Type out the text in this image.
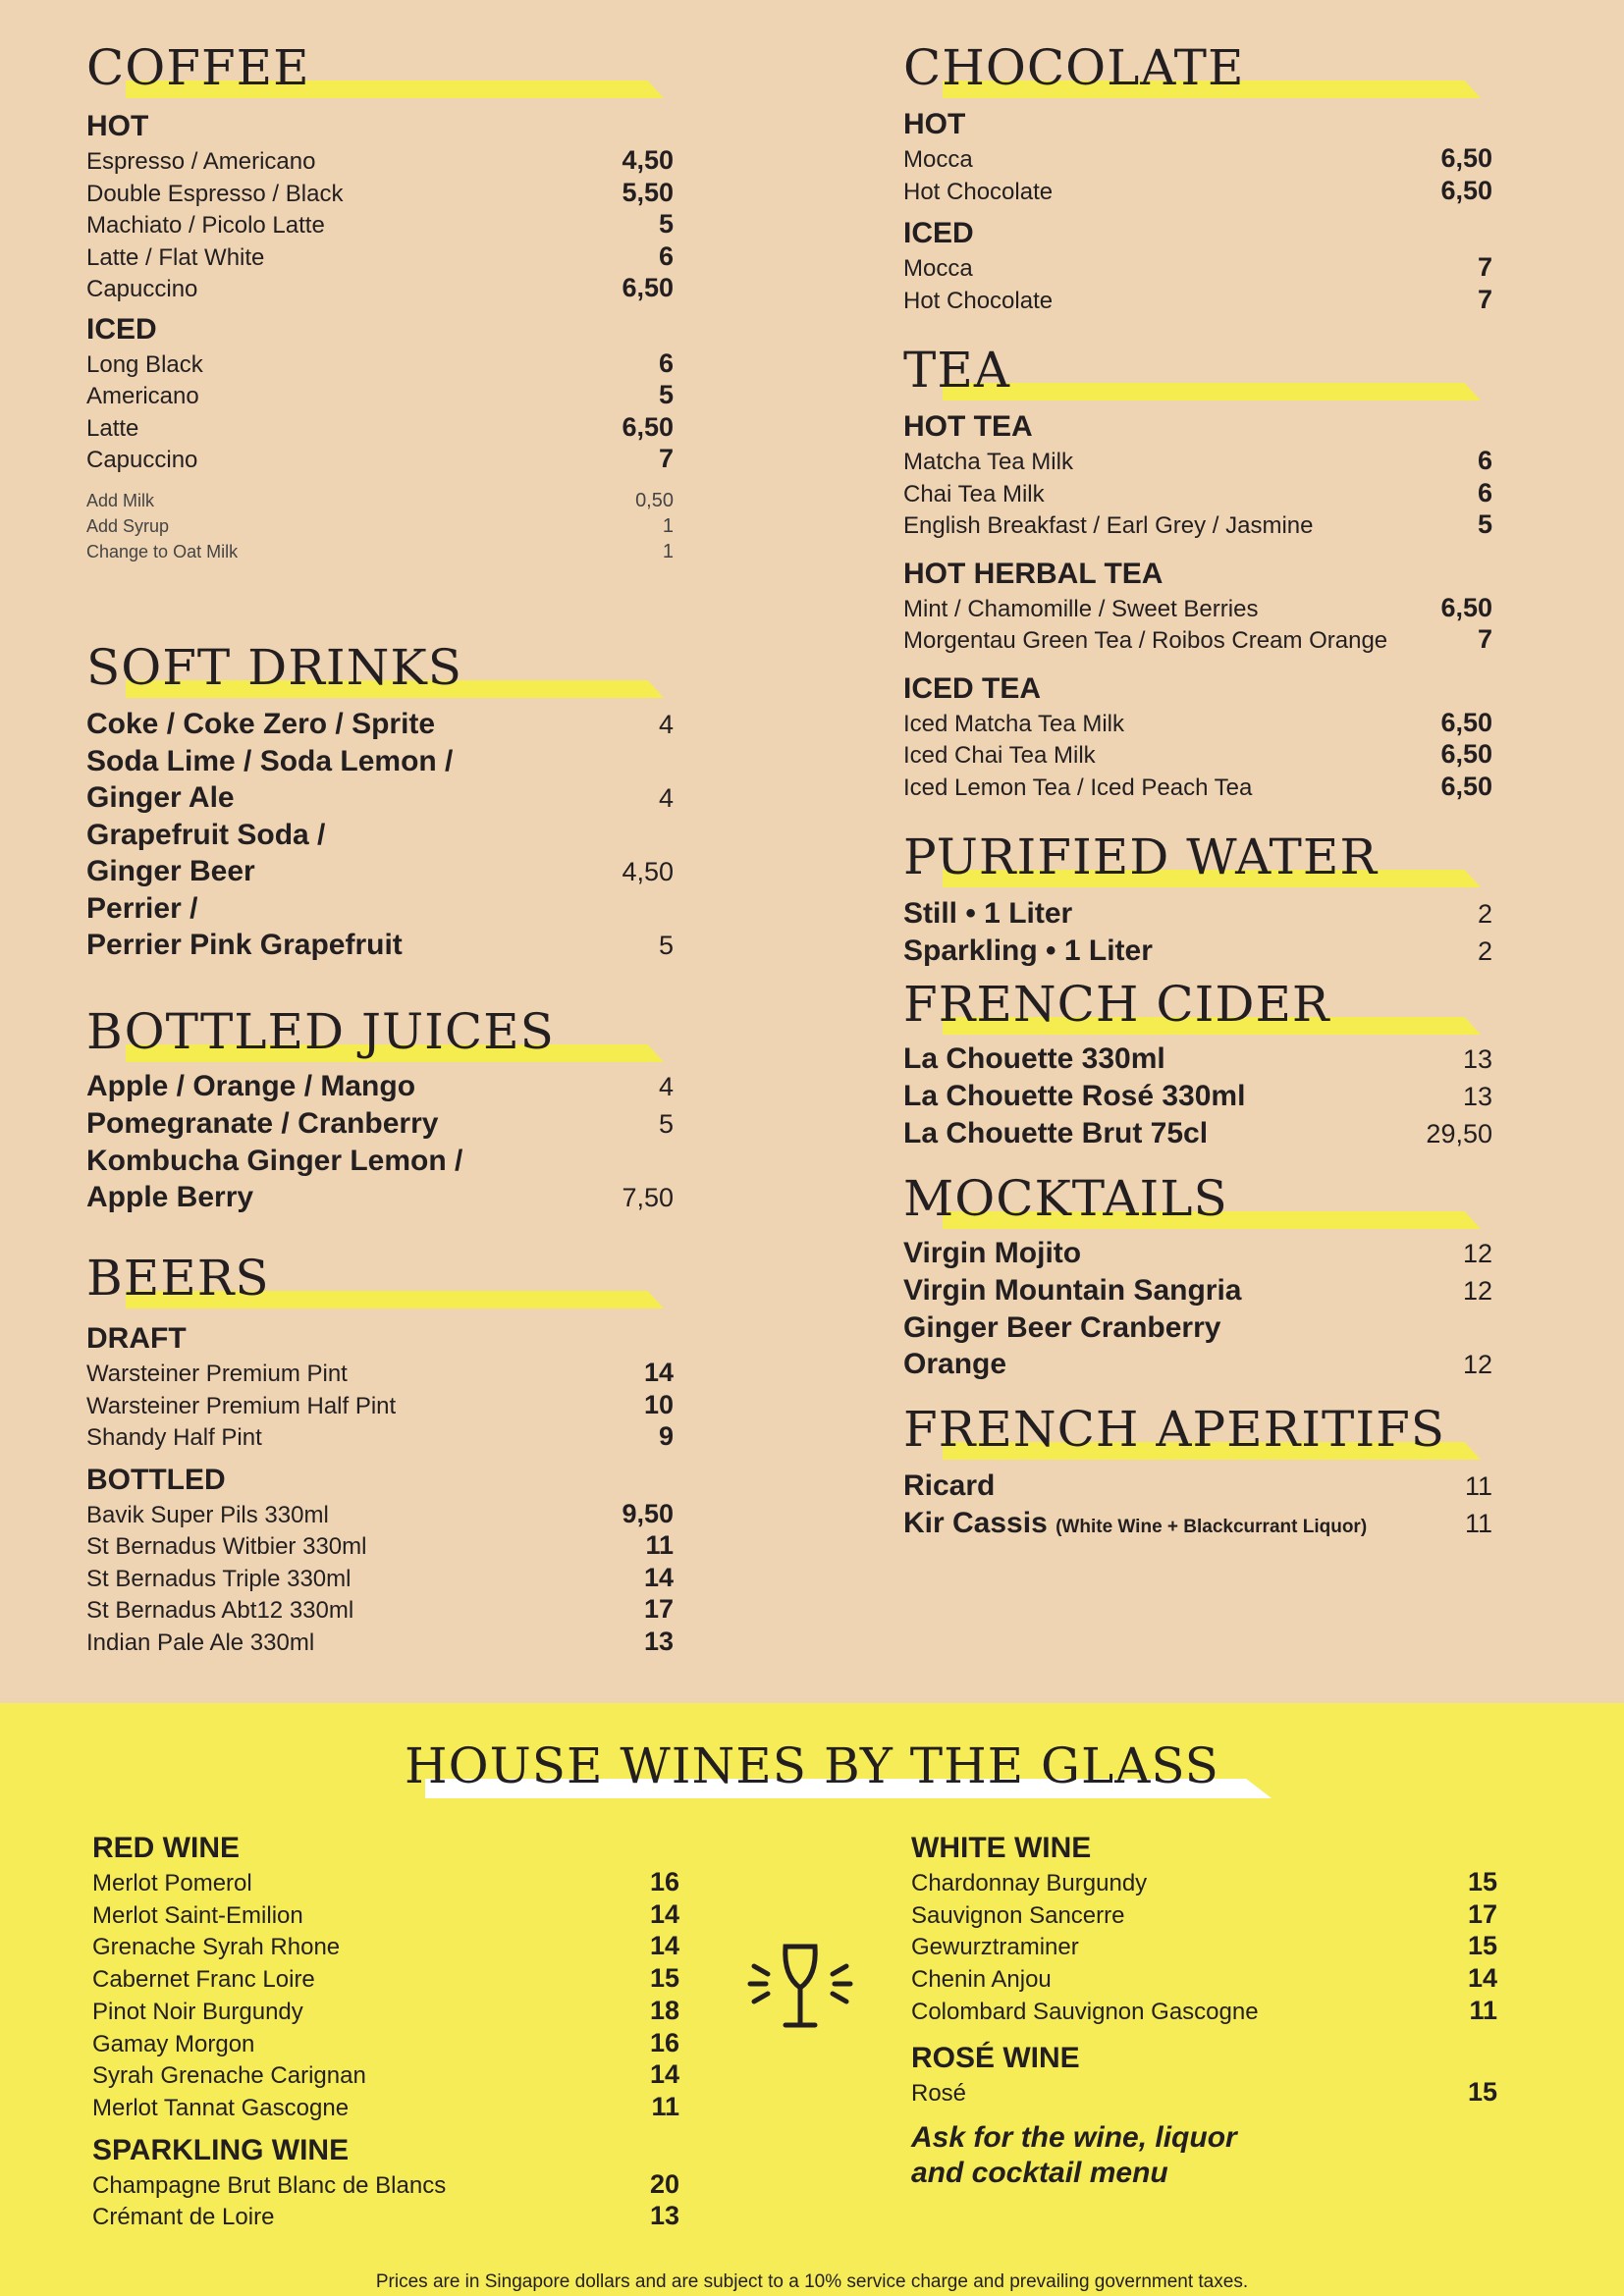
COFFEE
HOT
Espresso / Americano	4,50
Double Espresso / Black	5,50
Machiato / Picolo Latte	5
Latte / Flat White	6
Capuccino	6,50
ICED
Long Black	6
Americano	5
Latte	6,50
Capuccino	7
Add Milk	0,50
Add Syrup	1
Change to Oat Milk	1
SOFT DRINKS
Coke / Coke Zero / Sprite	4
Soda Lime / Soda Lemon /
Ginger Ale	4
Grapefruit Soda /
Ginger Beer	4,50
Perrier /
Perrier Pink Grapefruit	5
BOTTLED JUICES
Apple / Orange / Mango	4
Pomegranate / Cranberry	5
Kombucha Ginger Lemon /
Apple Berry	7,50
BEERS
DRAFT
Warsteiner Premium Pint	14
Warsteiner Premium Half Pint	10
Shandy Half Pint	9
BOTTLED
Bavik Super Pils 330ml	9,50
St Bernadus Witbier 330ml	11
St Bernadus Triple 330ml	14
St Bernadus Abt12 330ml	17
Indian Pale Ale 330ml	13
CHOCOLATE
HOT
Mocca	6,50
Hot Chocolate	6,50
ICED
Mocca	7
Hot Chocolate	7
TEA
HOT TEA
Matcha Tea Milk	6
Chai Tea Milk	6
English Breakfast / Earl Grey / Jasmine	5
HOT HERBAL TEA
Mint / Chamomille / Sweet Berries	6,50
Morgentau Green Tea / Roibos Cream Orange	7
ICED TEA
Iced Matcha Tea Milk	6,50
Iced Chai Tea Milk	6,50
Iced Lemon Tea / Iced Peach Tea	6,50
PURIFIED WATER
Still • 1 Liter	2
Sparkling • 1 Liter	2
FRENCH CIDER
La Chouette 330ml	13
La Chouette Rosé 330ml	13
La Chouette Brut 75cl	29,50
MOCKTAILS
Virgin Mojito	12
Virgin Mountain Sangria	12
Ginger Beer Cranberry
Orange	12
FRENCH APERITIFS
Ricard	11
Kir Cassis (White Wine + Blackcurrant Liquor)	11
HOUSE WINES BY THE GLASS
RED WINE
Merlot Pomerol	16
Merlot Saint-Emilion	14
Grenache Syrah Rhone	14
Cabernet Franc Loire	15
Pinot Noir Burgundy	18
Gamay Morgon	16
Syrah Grenache Carignan	14
Merlot Tannat Gascogne	11
SPARKLING WINE
Champagne Brut Blanc de Blancs	20
Crémant de Loire	13
WHITE WINE
Chardonnay Burgundy	15
Sauvignon Sancerre	17
Gewurztraminer	15
Chenin Anjou	14
Colombard Sauvignon Gascogne	11
ROSÉ WINE
Rosé	15
Ask for the wine, liquor
and cocktail menu
Prices are in Singapore dollars and are subject to a 10% service charge and prevailing government taxes.
